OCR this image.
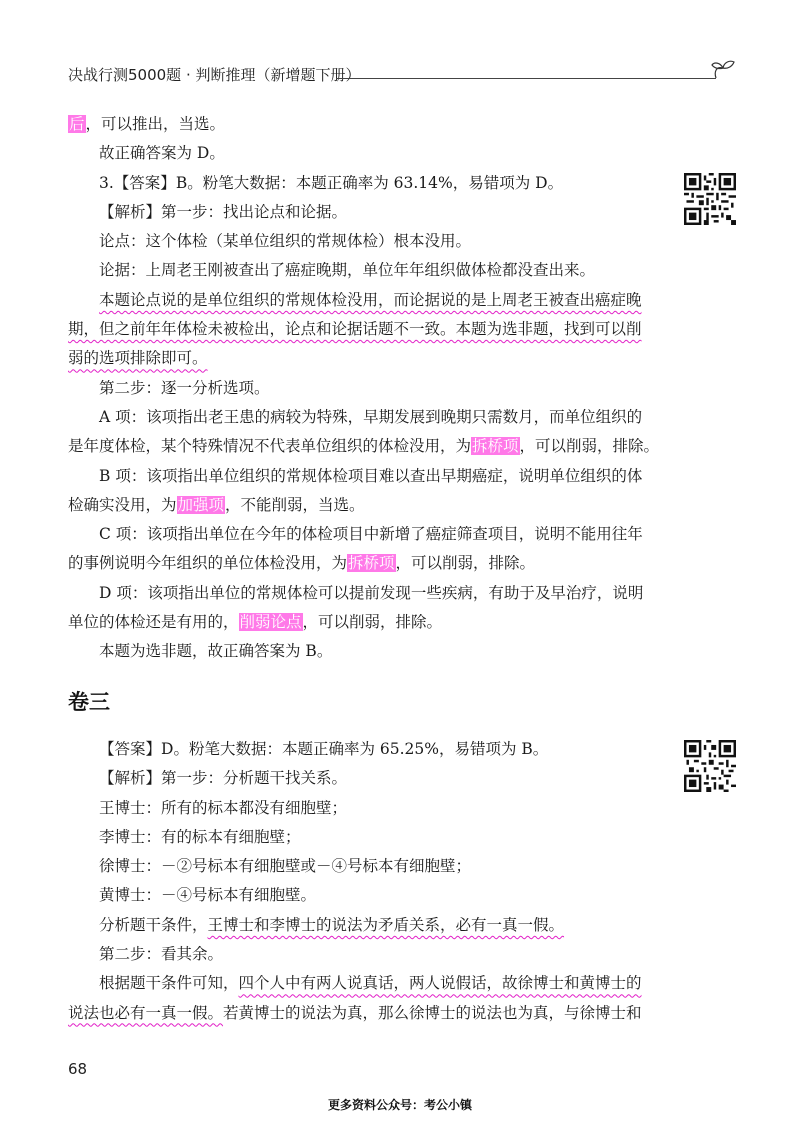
决战行测5000题 · 判断推理（新增题下册）

后，可以推出，当选。

故正确答案为 D。

3.【答案】B。粉笔大数据：本题正确率为 63.14%，易错项为 D。

【解析】第一步：找出论点和论据。

论点：这个体检（某单位组织的常规体检）根本没用。

论据：上周老王刚被查出了癌症晚期，单位年年组织做体检都没查出来。

本题论点说的是单位组织的常规体检没用，而论据说的是上周老王被查出癌症晚

期，但之前年年体检未被检出，论点和论据话题不一致。本题为选非题，找到可以削

弱的选项排除即可。

第二步：逐一分析选项。

A 项：该项指出老王患的病较为特殊，早期发展到晚期只需数月，而单位组织的

是年度体检，某个特殊情况不代表单位组织的体检没用，为拆桥项，可以削弱，排除。

B 项：该项指出单位组织的常规体检项目难以查出早期癌症，说明单位组织的体

检确实没用，为加强项，不能削弱，当选。

C 项：该项指出单位在今年的体检项目中新增了癌症筛查项目，说明不能用往年

的事例说明今年组织的单位体检没用，为拆桥项，可以削弱，排除。

D 项：该项指出单位的常规体检可以提前发现一些疾病，有助于及早治疗，说明

单位的体检还是有用的，削弱论点，可以削弱，排除。

本题为选非题，故正确答案为 B。

卷三

【答案】D。粉笔大数据：本题正确率为 65.25%，易错项为 B。

【解析】第一步：分析题干找关系。

王博士：所有的标本都没有细胞壁；

李博士：有的标本有细胞壁；

徐博士：－②号标本有细胞壁或－④号标本有细胞壁；

黄博士：－④号标本有细胞壁。

分析题干条件，王博士和李博士的说法为矛盾关系，必有一真一假。

第二步：看其余。

根据题干条件可知，四个人中有两人说真话，两人说假话，故徐博士和黄博士的

说法也必有一真一假。若黄博士的说法为真，那么徐博士的说法也为真，与徐博士和

68
更多资料公众号：考公小镇
